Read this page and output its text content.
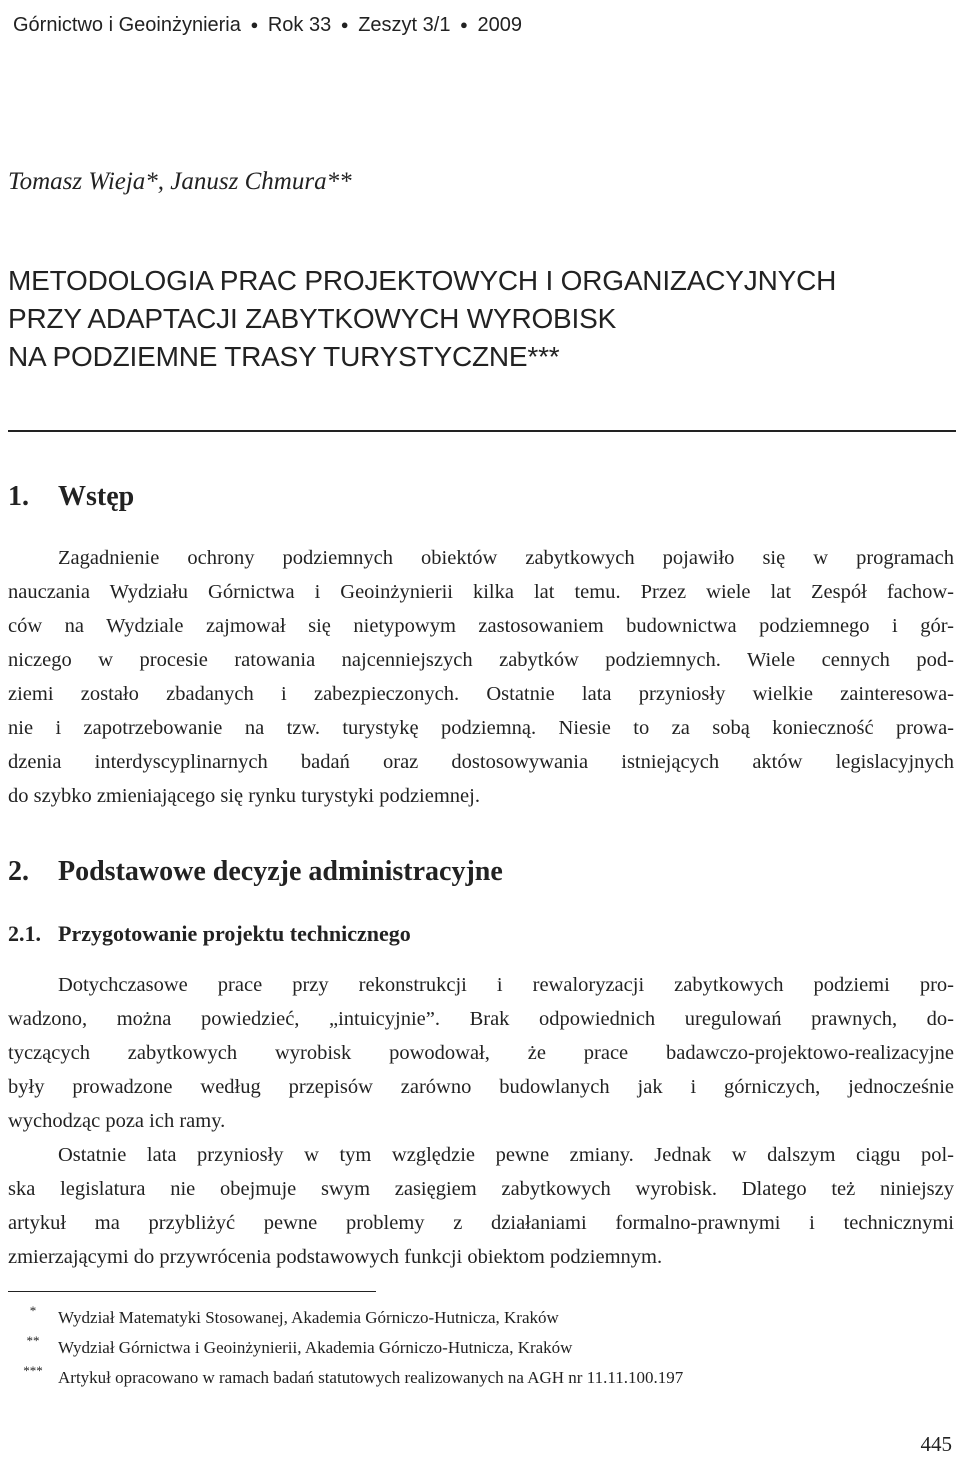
Górnictwo i Geoinżynieria ● Rok 33 ● Zeszyt 3/1 ● 2009
Tomasz Wieja*, Janusz Chmura**
METODOLOGIA PRAC PROJEKTOWYCH I ORGANIZACYJNYCH
PRZY ADAPTACJI ZABYTKOWYCH WYROBISK
NA PODZIEMNE TRASY TURYSTYCZNE***
1. Wstęp
Zagadnienie ochrony podziemnych obiektów zabytkowych pojawiło się w programach
nauczania Wydziału Górnictwa i Geoinżynierii kilka lat temu. Przez wiele lat Zespół fachow-
ców na Wydziale zajmował się nietypowym zastosowaniem budownictwa podziemnego i gór-
niczego w procesie ratowania najcenniejszych zabytków podziemnych. Wiele cennych pod-
ziemi zostało zbadanych i zabezpieczonych. Ostatnie lata przyniosły wielkie zainteresowa-
nie i zapotrzebowanie na tzw. turystykę podziemną. Niesie to za sobą konieczność prowa-
dzenia interdyscyplinarnych badań oraz dostosowywania istniejących aktów legislacyjnych
do szybko zmieniającego się rynku turystyki podziemnej.
2. Podstawowe decyzje administracyjne
2.1. Przygotowanie projektu technicznego
Dotychczasowe prace przy rekonstrukcji i rewaloryzacji zabytkowych podziemi pro-
wadzono, można powiedzieć, „intuicyjnie”. Brak odpowiednich uregulowań prawnych, do-
tyczących zabytkowych wyrobisk powodował, że prace badawczo-projektowo-realizacyjne
były prowadzone według przepisów zarówno budowlanych jak i górniczych, jednocześnie
wychodząc poza ich ramy.
Ostatnie lata przyniosły w tym względzie pewne zmiany. Jednak w dalszym ciągu pol-
ska legislatura nie obejmuje swym zasięgiem zabytkowych wyrobisk. Dlatego też niniejszy
artykuł ma przybliżyć pewne problemy z działaniami formalno-prawnymi i technicznymi
zmierzającymi do przywrócenia podstawowych funkcji obiektom podziemnym.
* Wydział Matematyki Stosowanej, Akademia Górniczo-Hutnicza, Kraków
** Wydział Górnictwa i Geoinżynierii, Akademia Górniczo-Hutnicza, Kraków
*** Artykuł opracowano w ramach badań statutowych realizowanych na AGH nr 11.11.100.197
445
